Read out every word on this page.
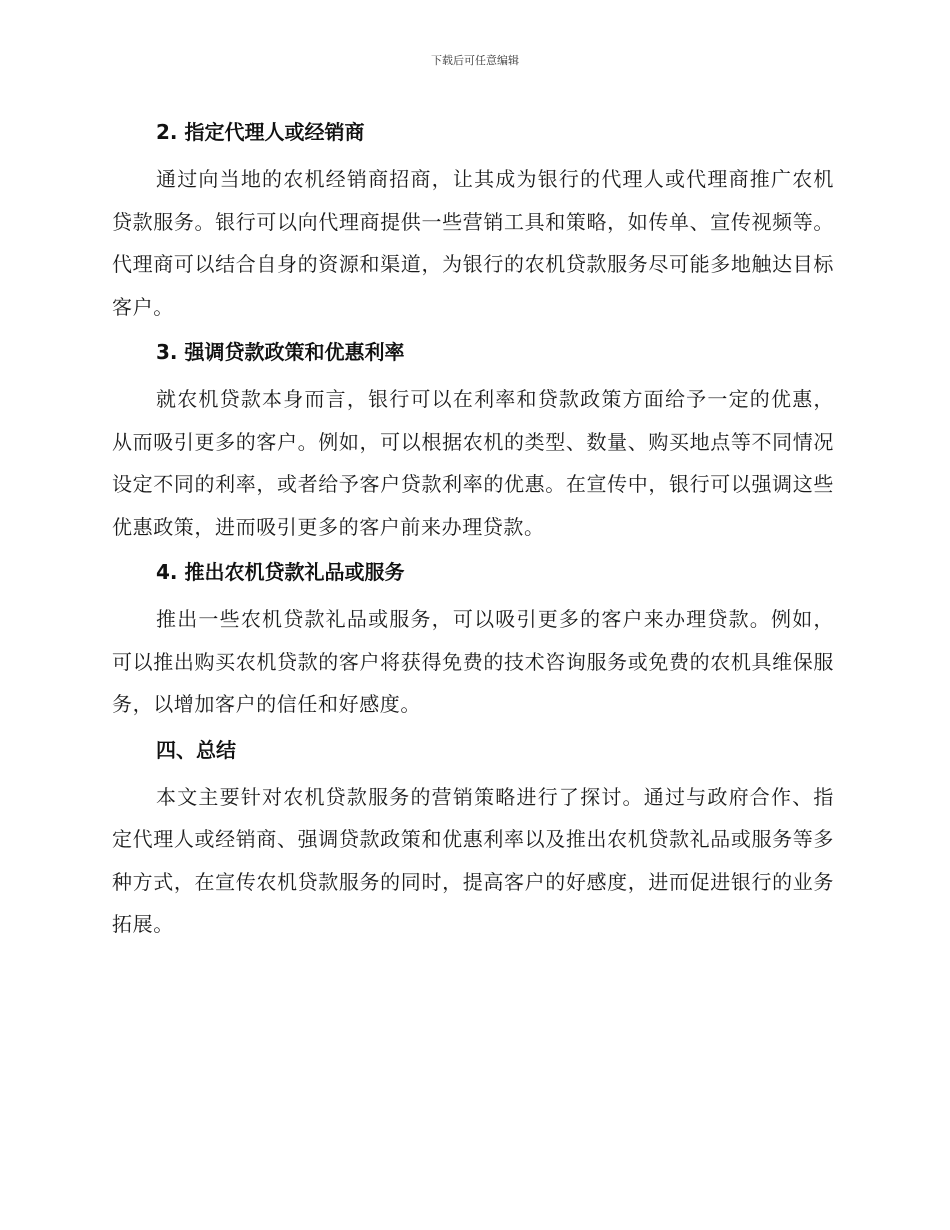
下载后可任意编辑
2. 指定代理人或经销商

通过向当地的农机经销商招商，让其成为银行的代理人或代理商推广农机贷款服务。银行可以向代理商提供一些营销工具和策略，如传单、宣传视频等。代理商可以结合自身的资源和渠道，为银行的农机贷款服务尽可能多地触达目标客户。

3. 强调贷款政策和优惠利率

就农机贷款本身而言，银行可以在利率和贷款政策方面给予一定的优惠，从而吸引更多的客户。例如，可以根据农机的类型、数量、购买地点等不同情况设定不同的利率，或者给予客户贷款利率的优惠。在宣传中，银行可以强调这些优惠政策，进而吸引更多的客户前来办理贷款。

4. 推出农机贷款礼品或服务

推出一些农机贷款礼品或服务，可以吸引更多的客户来办理贷款。例如，可以推出购买农机贷款的客户将获得免费的技术咨询服务或免费的农机具维保服务，以增加客户的信任和好感度。

四、总结

本文主要针对农机贷款服务的营销策略进行了探讨。通过与政府合作、指定代理人或经销商、强调贷款政策和优惠利率以及推出农机贷款礼品或服务等多种方式，在宣传农机贷款服务的同时，提高客户的好感度，进而促进银行的业务拓展。
